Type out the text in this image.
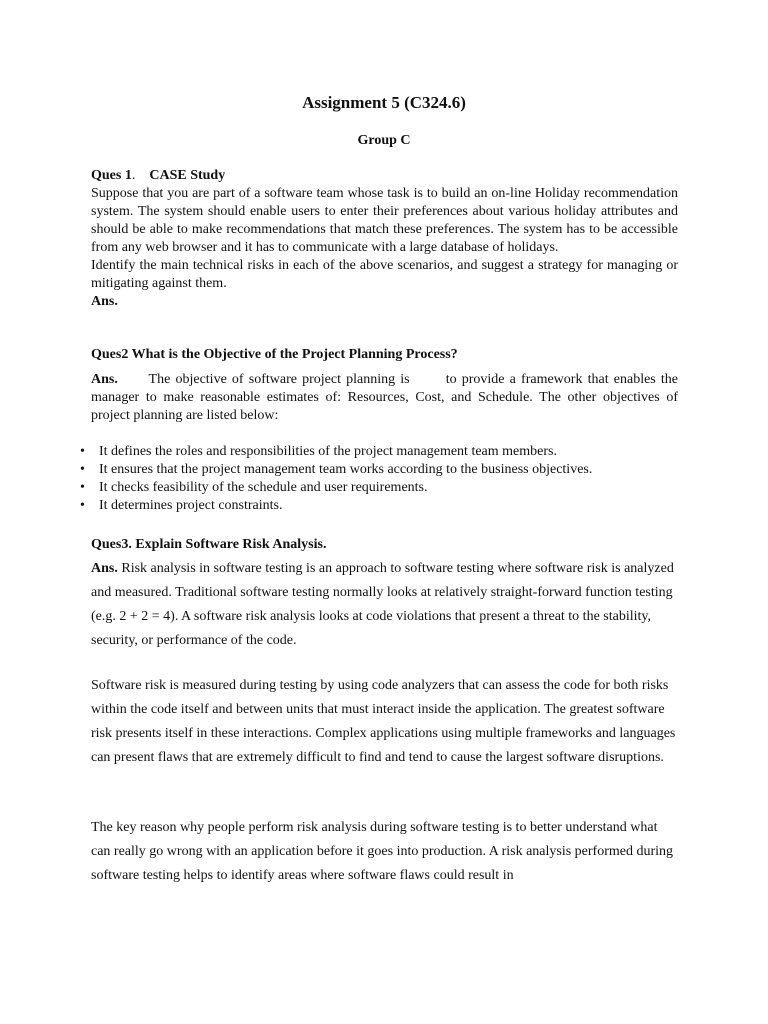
Assignment 5 (C324.6)
Group C

Ques 1. CASE Study

Suppose that you are part of a software team whose task is to build an on-line Holiday recommendation system. The system should enable users to enter their preferences about various holiday attributes and should be able to make recommendations that match these preferences. The system has to be accessible from any web browser and it has to communicate with a large database of holidays.

Identify the main technical risks in each of the above scenarios, and suggest a strategy for managing or mitigating against them.

Ans.

Ques2 What is the Objective of the Project Planning Process?

Ans. The objective of software project planning is       to provide a framework that enables the manager to make reasonable estimates of: Resources, Cost, and Schedule. The other objectives of project planning are listed below:

• It defines the roles and responsibilities of the project management team members.
• It ensures that the project management team works according to the business objectives.
• It checks feasibility of the schedule and user requirements.
• It determines project constraints.

Ques3. Explain Software Risk Analysis.

Ans. Risk analysis in software testing is an approach to software testing where software risk is analyzed and measured. Traditional software testing normally looks at relatively straight-forward function testing (e.g. 2 + 2 = 4). A software risk analysis looks at code violations that present a threat to the stability, security, or performance of the code.

Software risk is measured during testing by using code analyzers that can assess the code for both risks within the code itself and between units that must interact inside the application. The greatest software risk presents itself in these interactions. Complex applications using multiple frameworks and languages can present flaws that are extremely difficult to find and tend to cause the largest software disruptions.

The key reason why people perform risk analysis during software testing is to better understand what can really go wrong with an application before it goes into production. A risk analysis performed during software testing helps to identify areas where software flaws could result in
